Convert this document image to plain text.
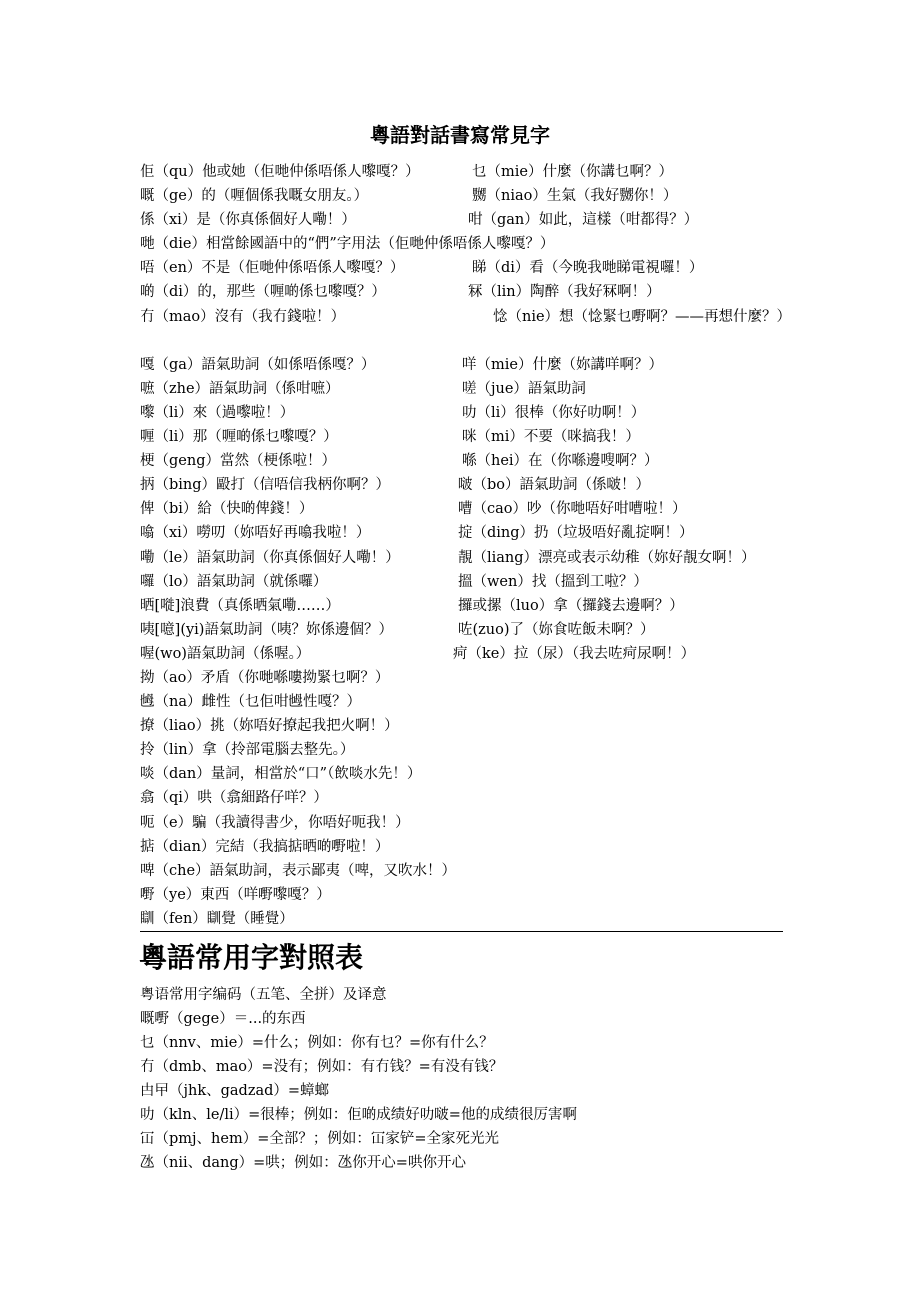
粵語對話書寫常見字
佢（qu）他或她（佢哋仲係唔係人嚟嘎？）	乜（mie）什麼（你講乜啊？）
嘅（ge）的（喱個係我嘅女朋友。）	嬲（niao）生氣（我好嬲你！）
係（xi）是（你真係個好人嘞！）	咁（gan）如此，這樣（咁都得？）
哋（die）相當餘國語中的“們”字用法（佢哋仲係唔係人嚟嘎？）
唔（en）不是（佢哋仲係唔係人嚟嘎？）	睇（di）看（今晚我哋睇電視囉！）
啲（di）的，那些（喱啲係乜嚟嘎？）	冧（lin）陶醉（我好冧啊！）
冇（mao）沒有（我冇錢啦！）	惗（nie）想（惗緊乜嘢啊？——再想什麼？）
嘎（ga）語氣助詞（如係唔係嘎？）	咩（mie）什麼（妳講咩啊？）
嗻（zhe）語氣助詞（係咁嗻）	嗟（jue）語氣助詞
嚟（li）來（過嚟啦！）	叻（li）很棒（你好叻啊！）
喱（li）那（喱啲係乜嚟嘎？）	咪（mi）不要（咪搞我！）
梗（geng）當然（梗係啦！）	喺（hei）在（你喺邊嗖啊？）
抦（bing）毆打（信唔信我柄你啊？）	啵（bo）語氣助詞（係啵！）
俾（bi）給（快啲俾錢！）	嘈（cao）吵（你哋唔好咁嘈啦！）
噏（xi）嘮叨（妳唔好再噏我啦！）	掟（ding）扔（垃圾唔好亂掟啊！）
嘞（le）語氣助詞（你真係個好人嘞！）	靚（liang）漂亮或表示幼稚（妳好靚女啊！）
囉（lo）語氣助詞（就係囉）	搵（wen）找（搵到工啦？）
晒[嘥]浪費（真係晒氣嘞……）	攞或摞（luo）拿（攞錢去邊啊？）
咦[噫](yi)語氣助詞（咦？妳係邊個？）	咗(zuo)了（妳食咗飯未啊？）
喔(wo)語氣助詞（係喔。）	疴（ke）拉（尿）（我去咗疴尿啊！）
拗（ao）矛盾（你哋喺嘍拗緊乜啊？）
乸（na）雌性（乜佢咁乸性嘎？）
撩（liao）挑（妳唔好撩起我把火啊！）
拎（lin）拿（拎部電腦去整先。）
啖（dan）量詞，相當於“口”（飲啖水先！）
翕（qi）哄（翕細路仔咩？）
呃（e）騙（我讀得書少，你唔好呃我！）
掂（dian）完結（我搞掂晒啲嘢啦！）
啤（che）語氣助詞，表示鄙夷（啤，又吹水！）
嘢（ye）東西（咩嘢嚟嘎？）
瞓（fen）瞓覺（睡覺）
粵語常用字對照表
粤语常用字编码（五笔、全拼）及译意
嘅嘢（gege）＝...的东西
乜（nnv、mie）=什么；例如：你有乜？=你有什么？
冇（dmb、mao）=没有；例如：有冇钱？=有没有钱？
甴曱（jhk、gadzad）=蟑螂
叻（kln、le/li）=很棒；例如：佢啲成绩好叻啵=他的成绩很厉害啊
冚（pmj、hem）=全部？；例如：冚家铲=全家死光光
氹（nii、dang）=哄；例如：氹你开心=哄你开心
